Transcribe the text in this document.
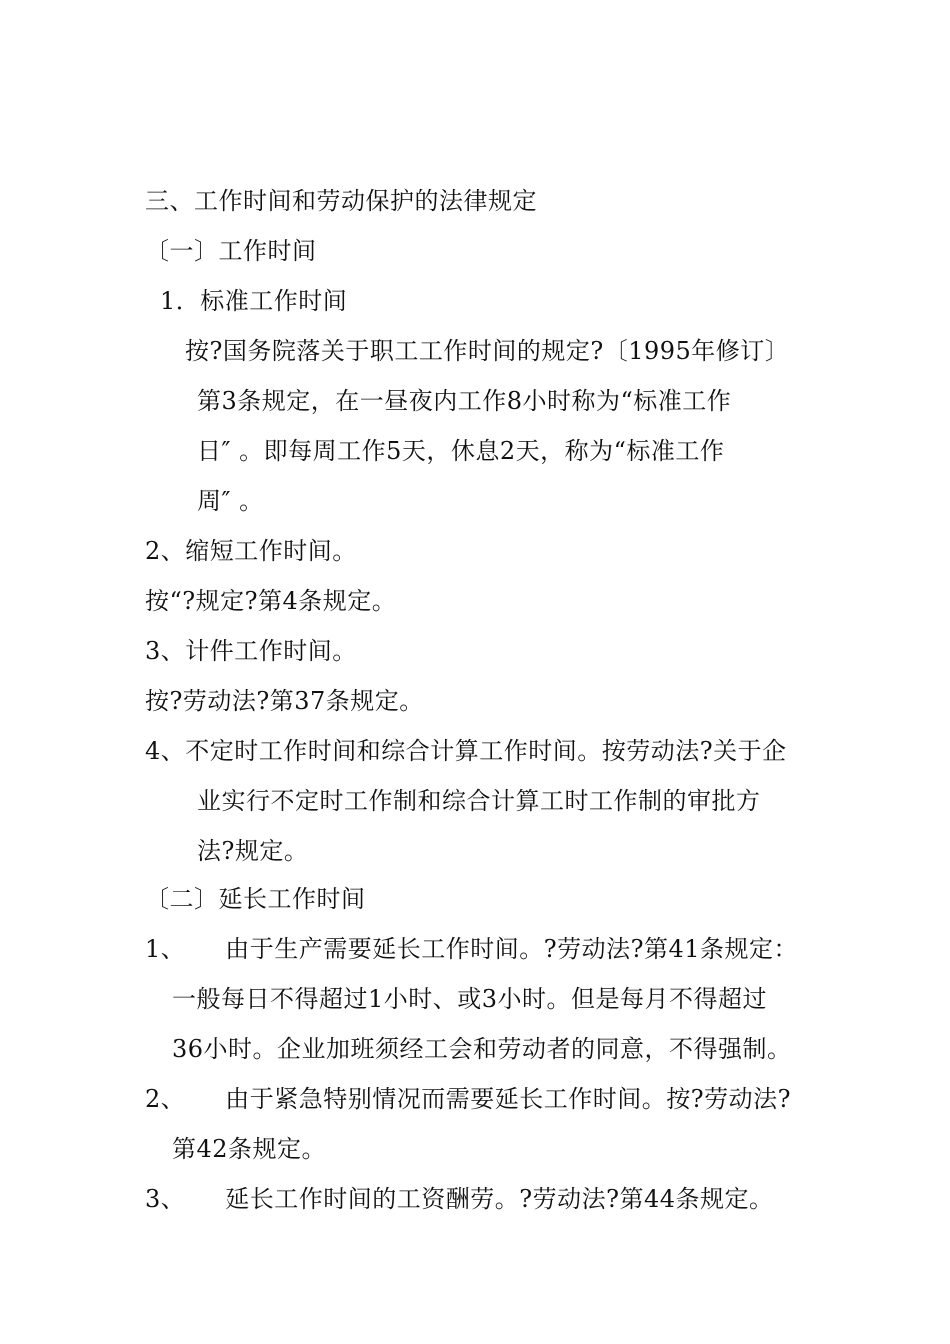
三、工作时间和劳动保护的法律规定
〔一〕工作时间
1．标准工作时间
按?国务院落关于职工工作时间的规定?〔1995年修订〕
第3条规定，在一昼夜内工作8小时称为“标准工作
日″ 。即每周工作5天，休息2天，称为“标准工作
周″ 。
2、缩短工作时间。
按“?规定?第4条规定。
3、计件工作时间。
按?劳动法?第37条规定。
4、不定时工作时间和综合计算工作时间。按劳动法?关于企
业实行不定时工作制和综合计算工时工作制的审批方
法?规定。
〔二〕延长工作时间
1、 由于生产需要延长工作时间。?劳动法?第41条规定：
一般每日不得超过1小时、或3小时。但是每月不得超过
36小时。企业加班须经工会和劳动者的同意，不得强制。
2、 由于紧急特别情况而需要延长工作时间。按?劳动法?
第42条规定。
3、 延长工作时间的工资酬劳。?劳动法?第44条规定。
